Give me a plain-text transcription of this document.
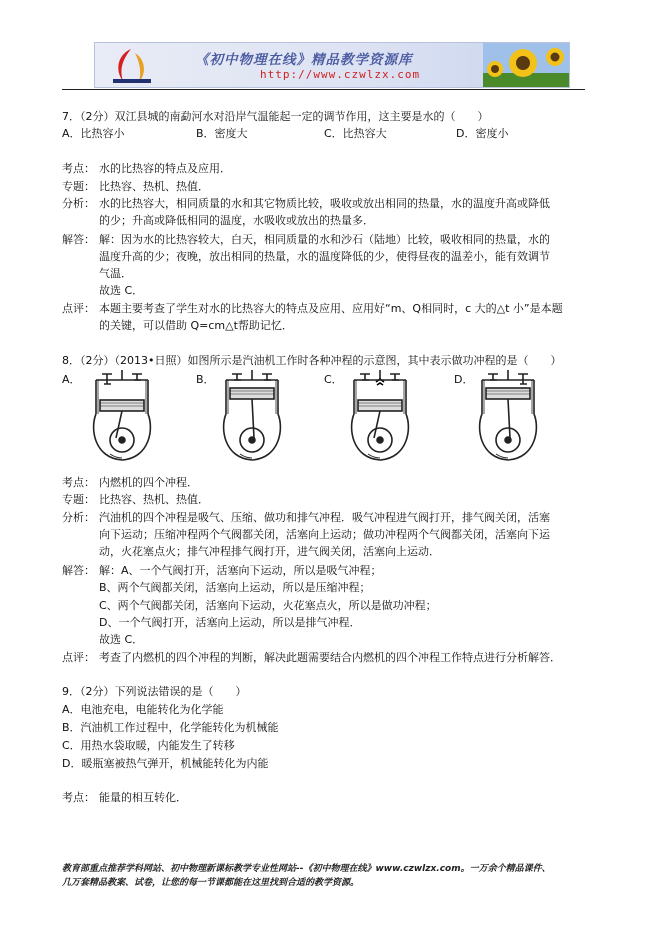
《初中物理在线》精品教学资源库
http://www.czwlzx.com
7．（2分）双江县城的南勐河水对沿岸气温能起一定的调节作用，这主要是水的（　　）
A．比热容小	B．密度大	C．比热容大	D．密度小
考点： 水的比热容的特点及应用．
专题： 比热容、热机、热值．
分析： 水的比热容大，相同质量的水和其它物质比较，吸收或放出相同的热量，水的温度升高或降低
的少；升高或降低相同的温度，水吸收或放出的热量多．
解答： 解：因为水的比热容较大，白天，相同质量的水和沙石（陆地）比较，吸收相同的热量，水的
温度升高的少；夜晚，放出相同的热量，水的温度降低的少，使得昼夜的温差小，能有效调节
气温．
故选 C．
点评： 本题主要考查了学生对水的比热容大的特点及应用、应用好“m、Q相同时，c 大的△t 小”是本题
的关键，可以借助 Q=cm△t帮助记忆．
8．（2分）（2013•日照）如图所示是汽油机工作时各种冲程的示意图，其中表示做功冲程的是（　　）
A．	B．	C．	D．
考点： 内燃机的四个冲程．
专题： 比热容、热机、热值．
分析： 汽油机的四个冲程是吸气、压缩、做功和排气冲程．吸气冲程进气阀打开，排气阀关闭，活塞
向下运动；压缩冲程两个气阀都关闭，活塞向上运动；做功冲程两个气阀都关闭，活塞向下运
动，火花塞点火；排气冲程排气阀打开，进气阀关闭，活塞向上运动．
解答： 解：A、一个气阀打开，活塞向下运动，所以是吸气冲程；
B、两个气阀都关闭，活塞向上运动，所以是压缩冲程；
C、两个气阀都关闭，活塞向下运动，火花塞点火，所以是做功冲程；
D、一个气阀打开，活塞向上运动，所以是排气冲程．
故选 C．
点评： 考查了内燃机的四个冲程的判断，解决此题需要结合内燃机的四个冲程工作特点进行分析解答．
9．（2分）下列说法错误的是（　　）
A．电池充电，电能转化为化学能
B．汽油机工作过程中，化学能转化为机械能
C．用热水袋取暖，内能发生了转移
D．暖瓶塞被热气弹开，机械能转化为内能
考点： 能量的相互转化．
教育部重点推荐学科网站、初中物理新课标教学专业性网站--《初中物理在线》www.czwlzx.com。一万余个精品课件、
几万套精品教案、试卷，让您的每一节课都能在这里找到合适的教学资源。
